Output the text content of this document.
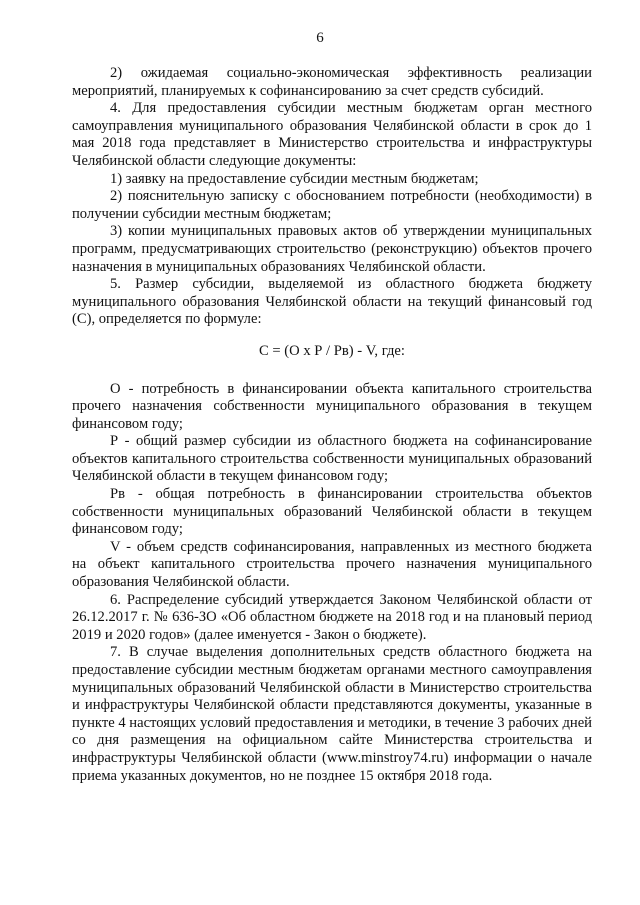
6

2) ожидаемая социально-экономическая эффективность реализации мероприятий, планируемых к софинансированию за счет средств субсидий.

4. Для предоставления субсидии местным бюджетам орган местного самоуправления муниципального образования Челябинской области в срок до 1 мая 2018 года представляет в Министерство строительства и инфраструктуры Челябинской области следующие документы:

1) заявку на предоставление субсидии местным бюджетам;

2) пояснительную записку с обоснованием потребности (необходимости) в получении субсидии местным бюджетам;

3) копии муниципальных правовых актов об утверждении муниципальных программ, предусматривающих строительство (реконструкцию) объектов прочего назначения в муниципальных образованиях Челябинской области.

5. Размер субсидии, выделяемой из областного бюджета бюджету муниципального образования Челябинской области на текущий финансовый год (С), определяется по формуле:

С = (О х Р / Рв) - V, где:

О - потребность в финансировании объекта капитального строительства прочего назначения собственности муниципального образования в текущем финансовом году;

Р - общий размер субсидии из областного бюджета на софинансирование объектов капитального строительства собственности муниципальных образований Челябинской области в текущем финансовом году;

Рв - общая потребность в финансировании строительства объектов собственности муниципальных образований Челябинской области в текущем финансовом году;

V - объем средств софинансирования, направленных из местного бюджета на объект капитального строительства прочего назначения муниципального образования Челябинской области.

6. Распределение субсидий утверждается Законом Челябинской области от 26.12.2017 г. № 636-ЗО «Об областном бюджете на 2018 год и на плановый период 2019 и 2020 годов» (далее именуется - Закон о бюджете).

7. В случае выделения дополнительных средств областного бюджета на предоставление субсидии местным бюджетам органами местного самоуправления муниципальных образований Челябинской области в Министерство строительства и инфраструктуры Челябинской области представляются документы, указанные в пункте 4 настоящих условий предоставления и методики, в течение 3 рабочих дней со дня размещения на официальном сайте Министерства строительства и инфраструктуры Челябинской области (www.minstroy74.ru) информации о начале приема указанных документов, но не позднее 15 октября 2018 года.
